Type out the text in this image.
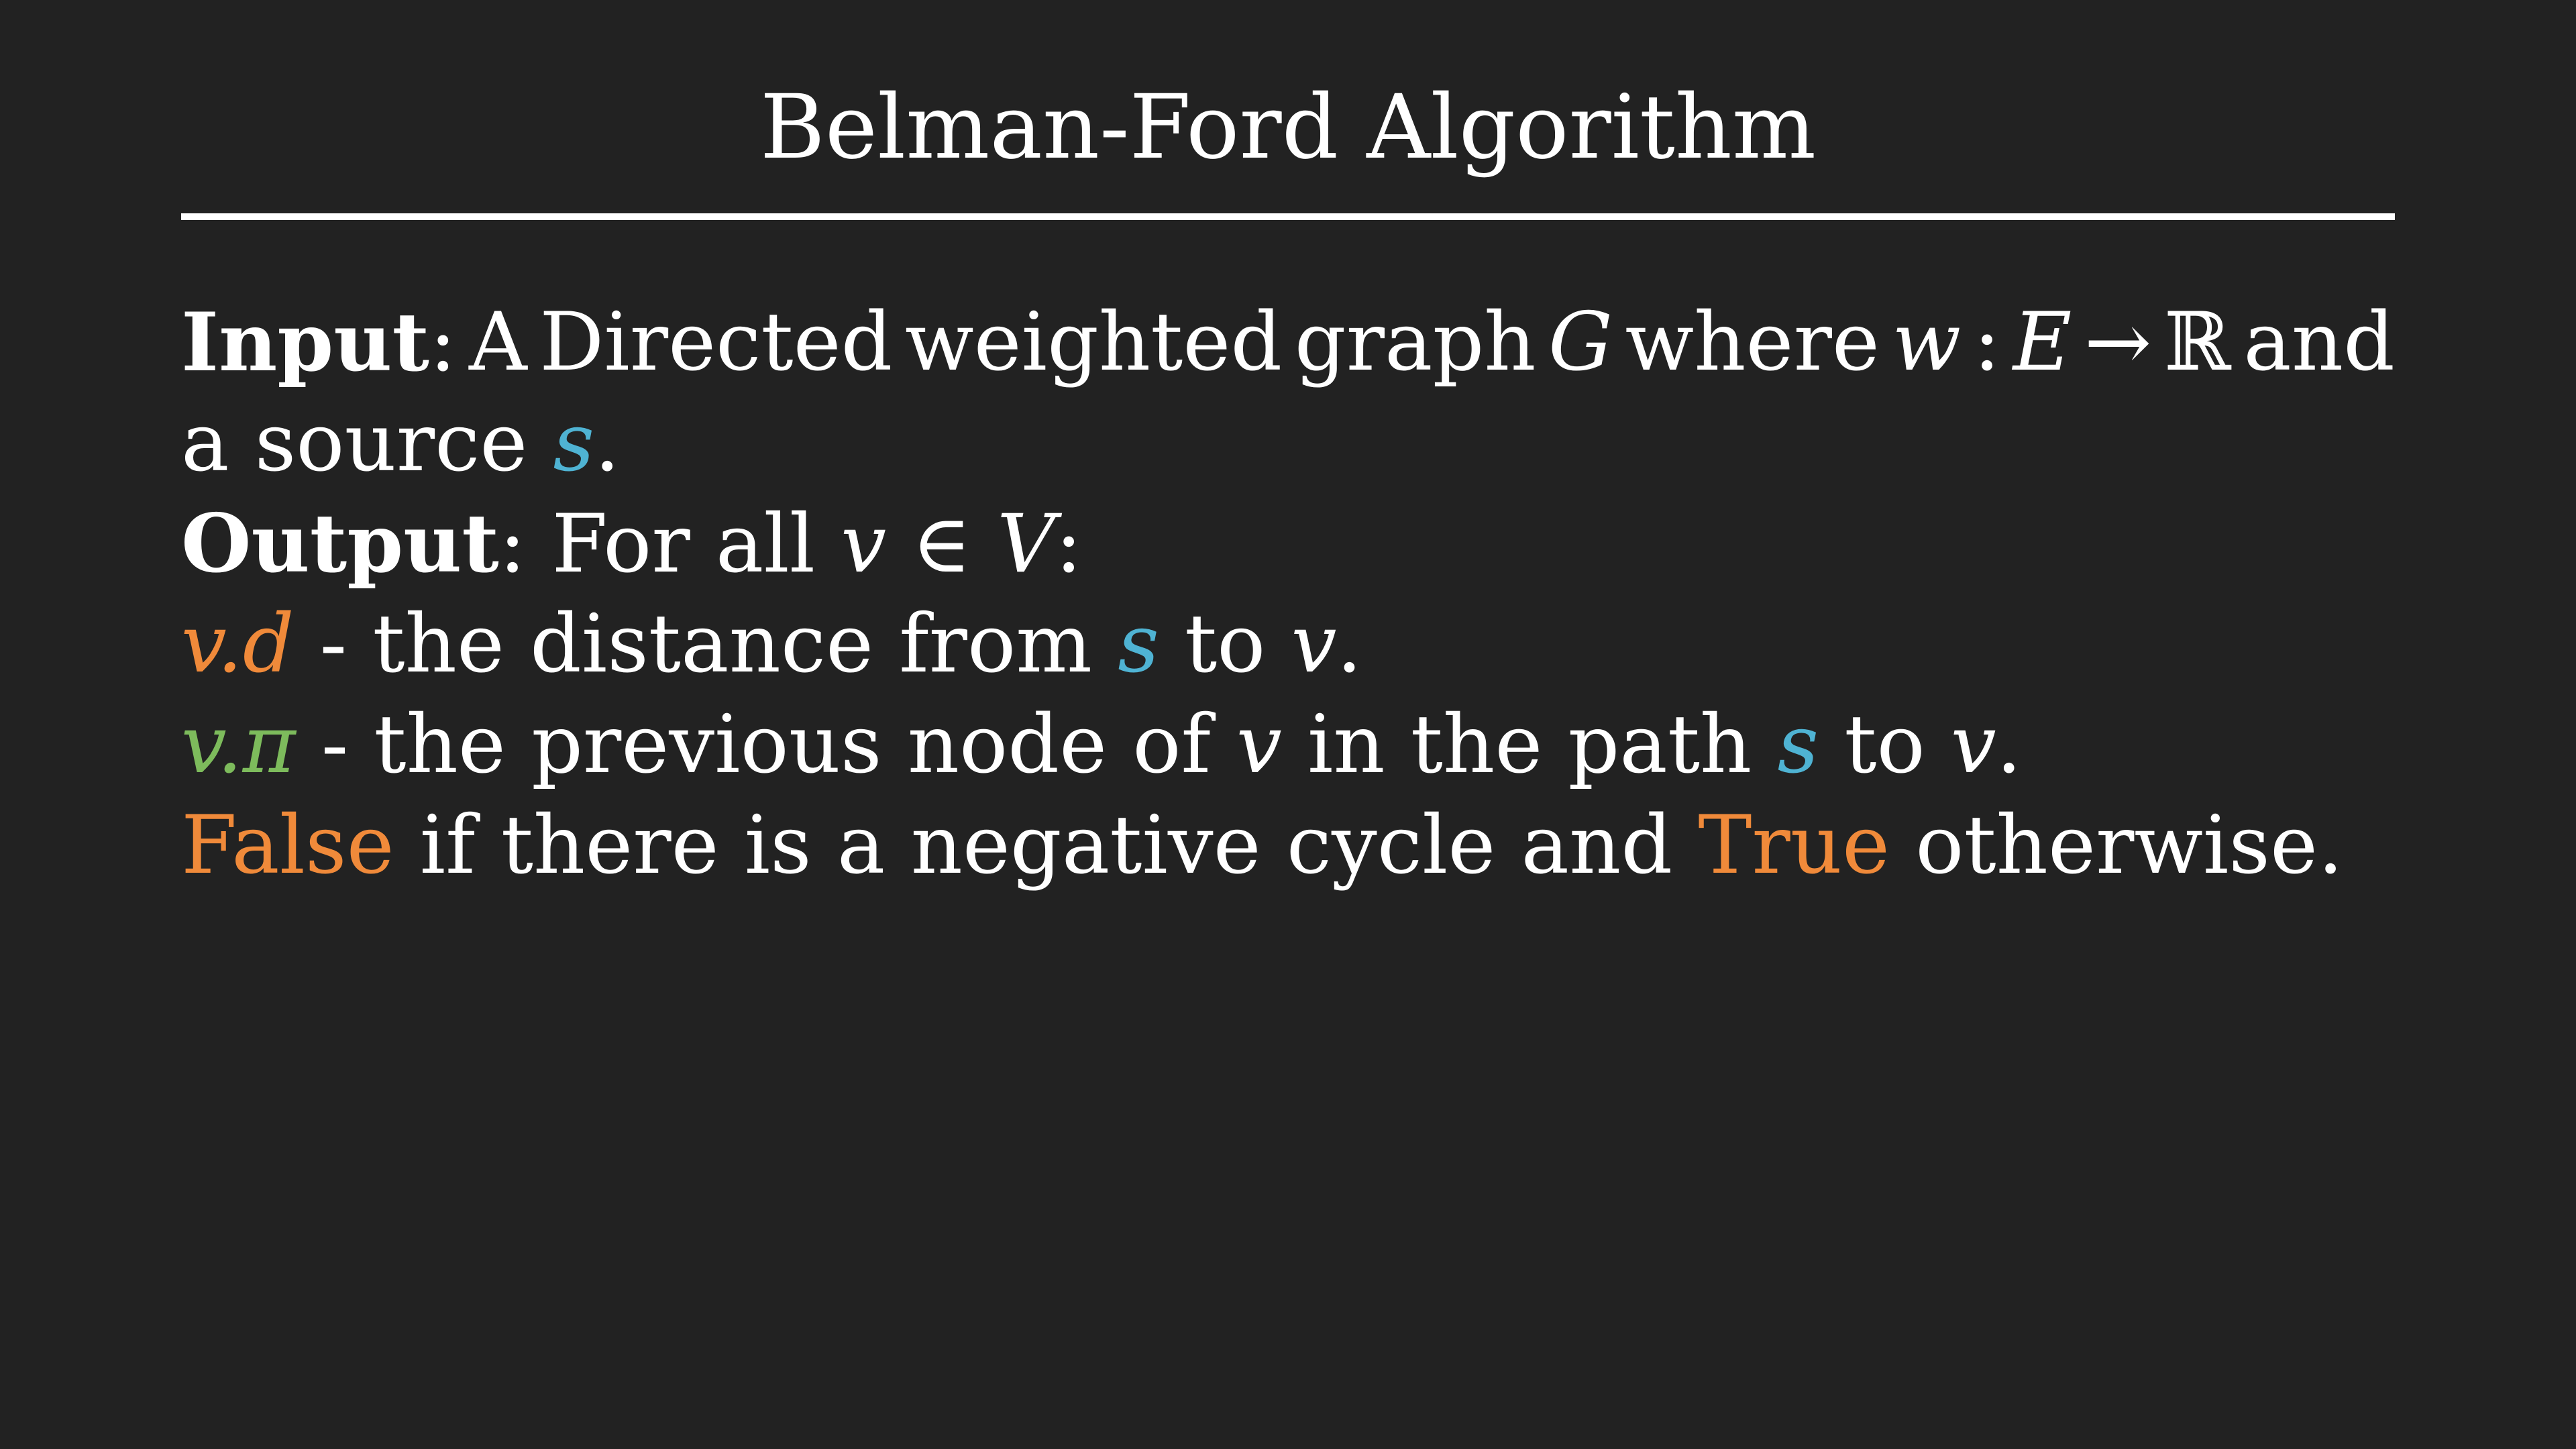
Belman-Ford Algorithm
Input: A Directed weighted graph G where w : E → ℝ and
a source s.
Output: For all v ∈ V:
v.d - the distance from s to v.
v.π - the previous node of v in the path s to v.
False if there is a negative cycle and True otherwise.
